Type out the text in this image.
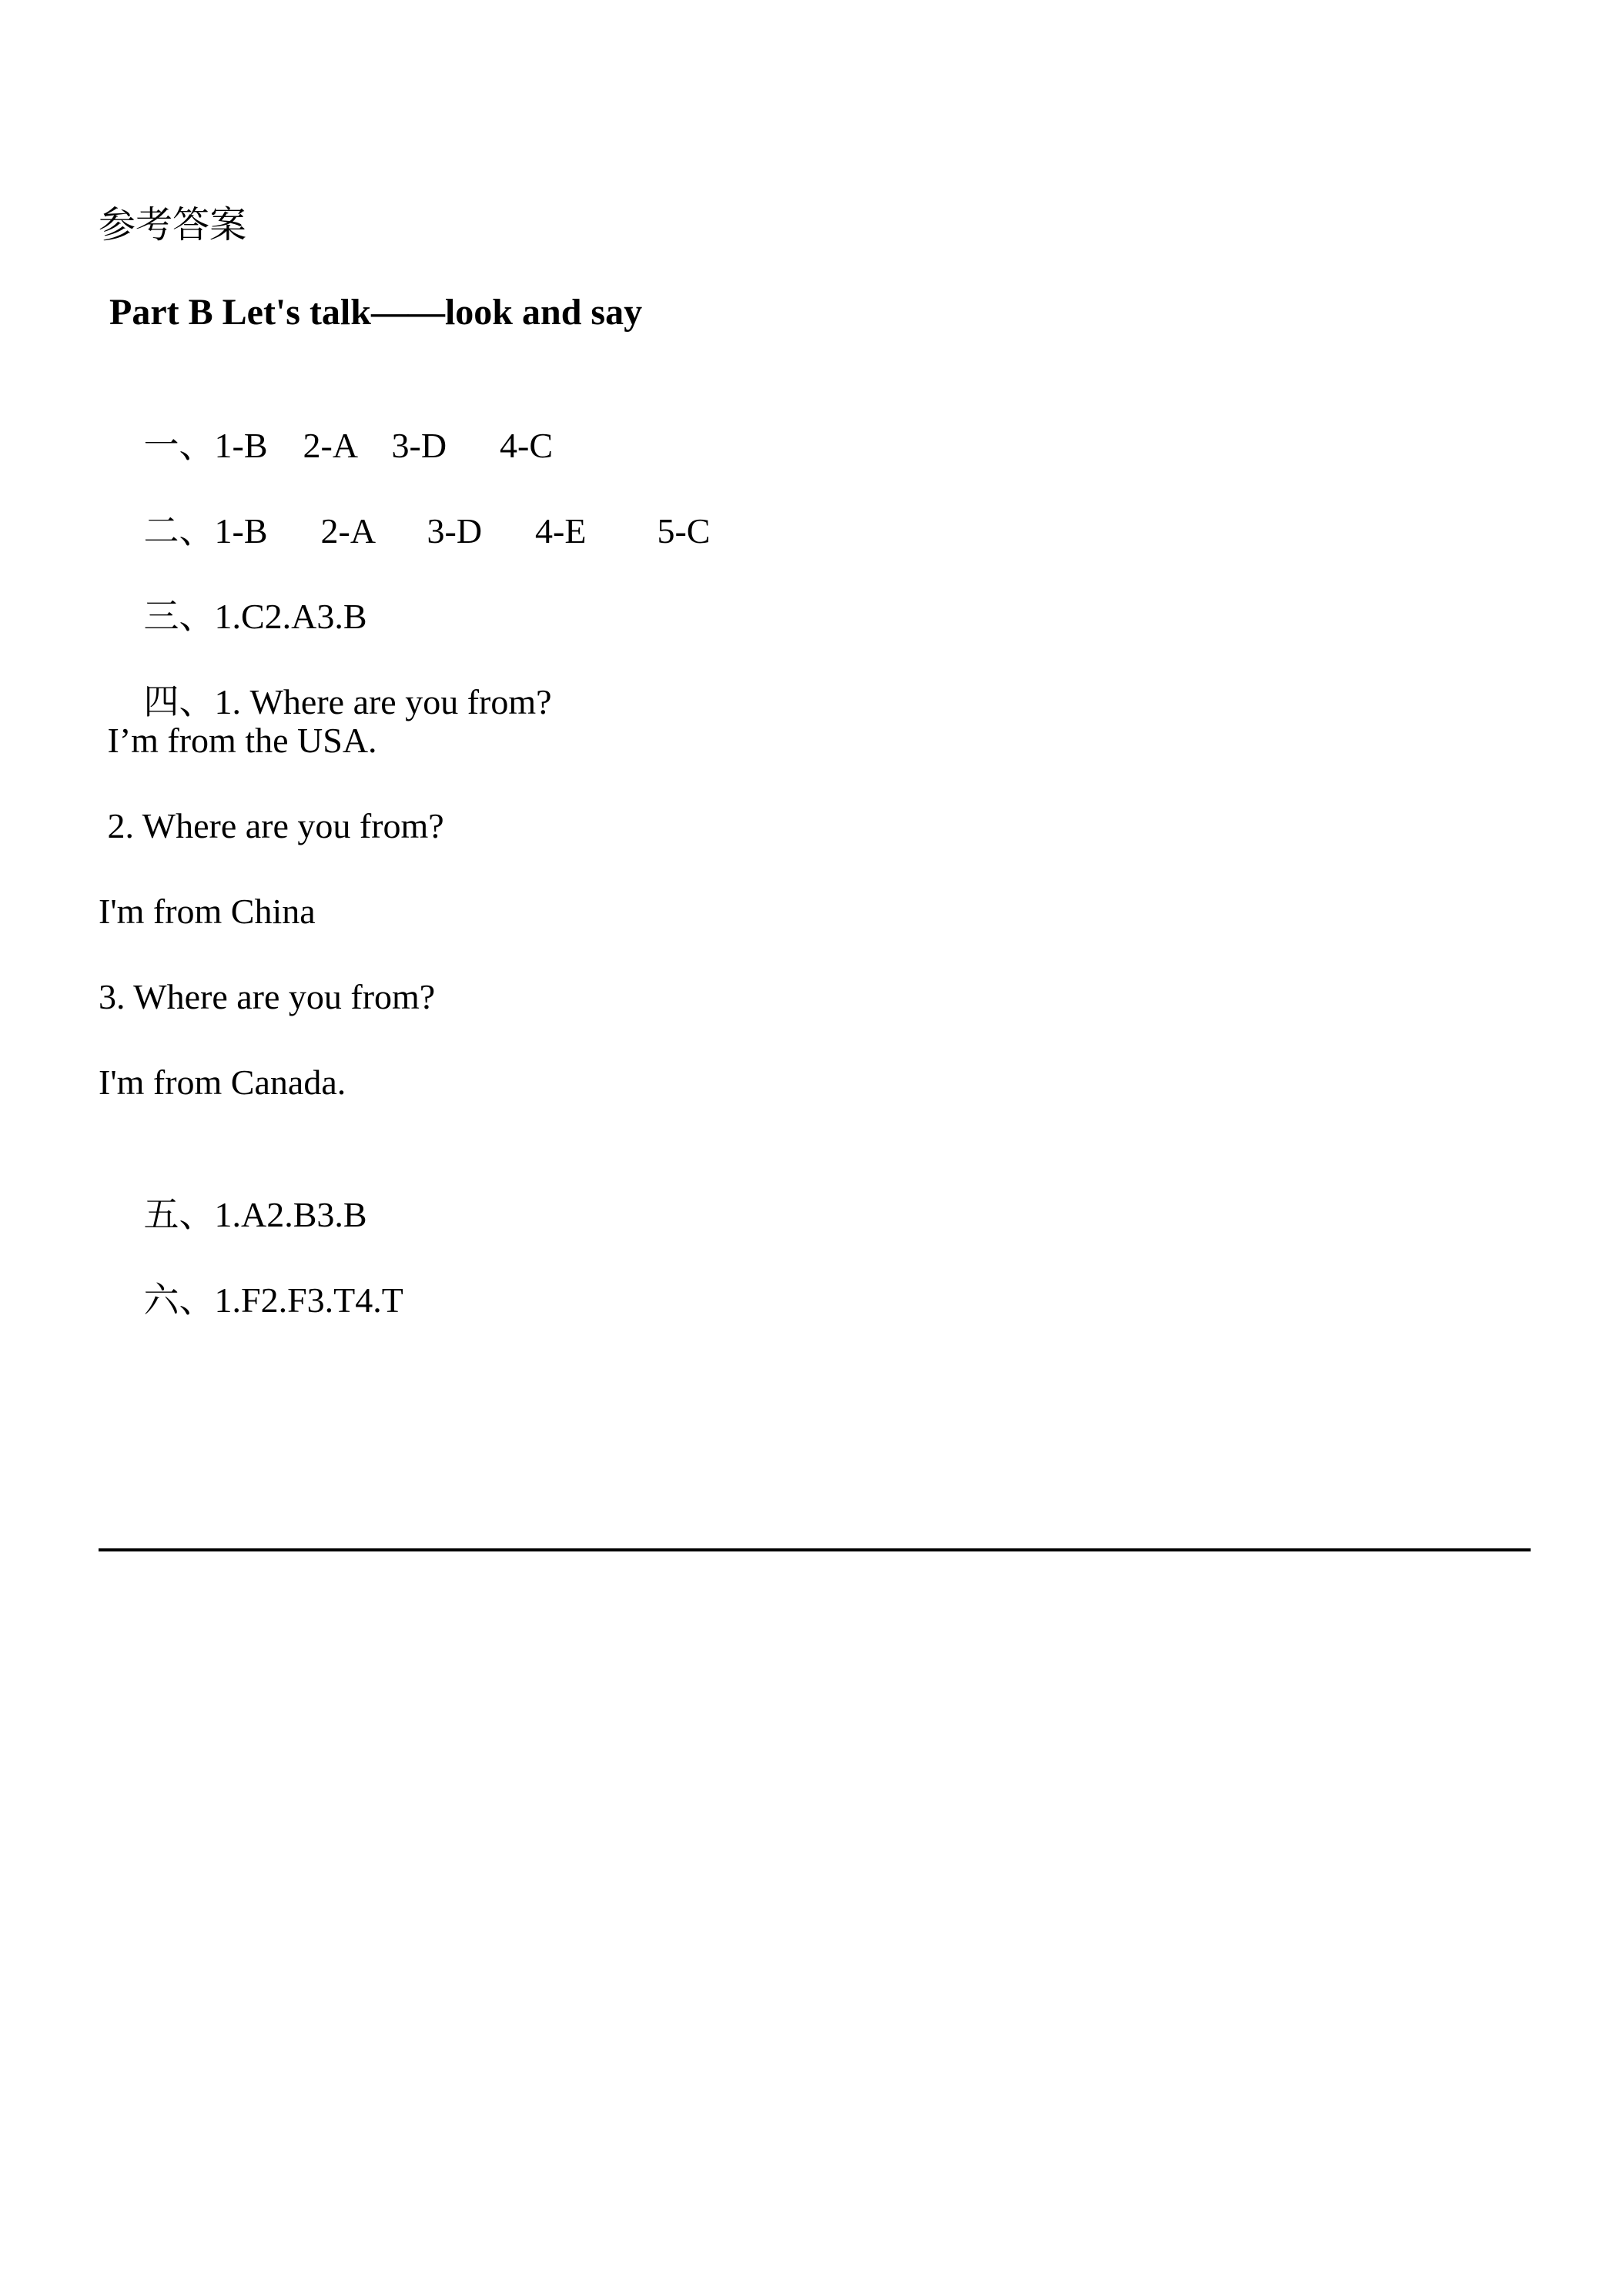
参考答案
Part B Let's talk——look and say

一、1-B    2-A    3-D      4-C

二、1-B      2-A      3-D      4-E        5-C

三、1.C2.A3.B

四、1. Where are you from?

I’m from the USA.
2. Where are you from?
I'm from China
3. Where are you from?
I'm from Canada.

五、1.A2.B3.B

六、1.F2.F3.T4.T
